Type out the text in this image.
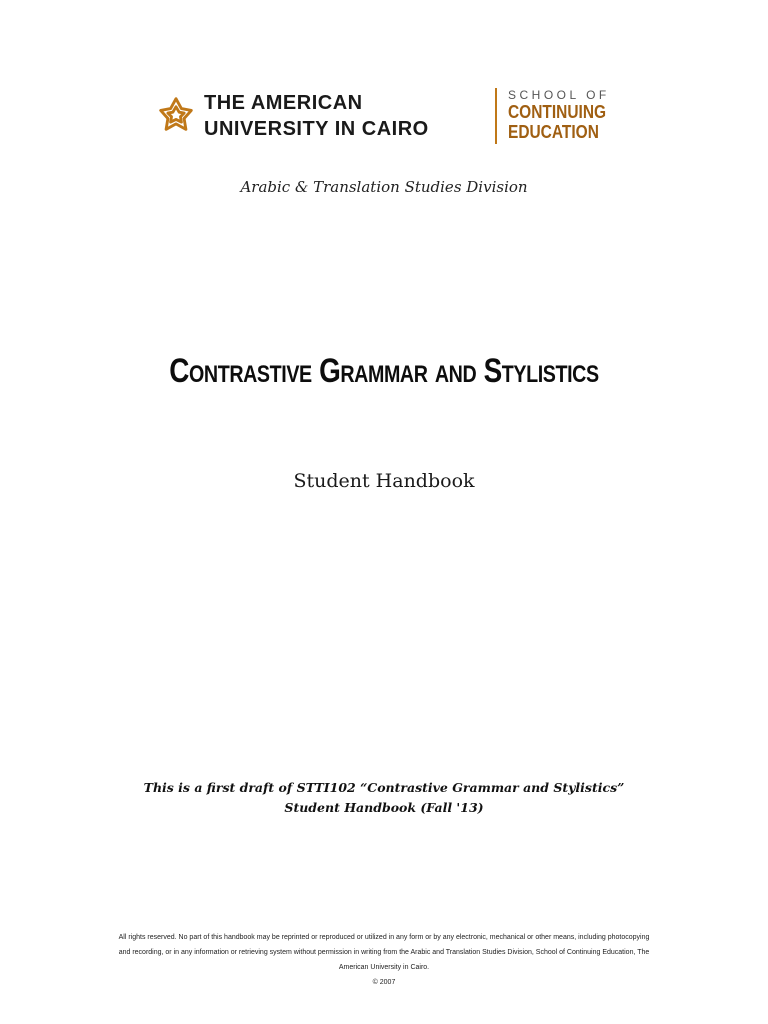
THE AMERICAN
UNIVERSITY IN CAIRO
SCHOOL OF
CONTINUING
EDUCATION
Arabic & Translation Studies Division
Contrastive Grammar and Stylistics
Student Handbook
This is a first draft of STTI102 “Contrastive Grammar and Stylistics”
Student Handbook (Fall '13)
All rights reserved. No part of this handbook may be reprinted or reproduced or utilized in any form or by any electronic, mechanical or other means, including photocopying
and recording, or in any information or retrieving system without permission in writing from the Arabic and Translation Studies Division, School of Continuing Education, The
American University in Cairo.
© 2007
